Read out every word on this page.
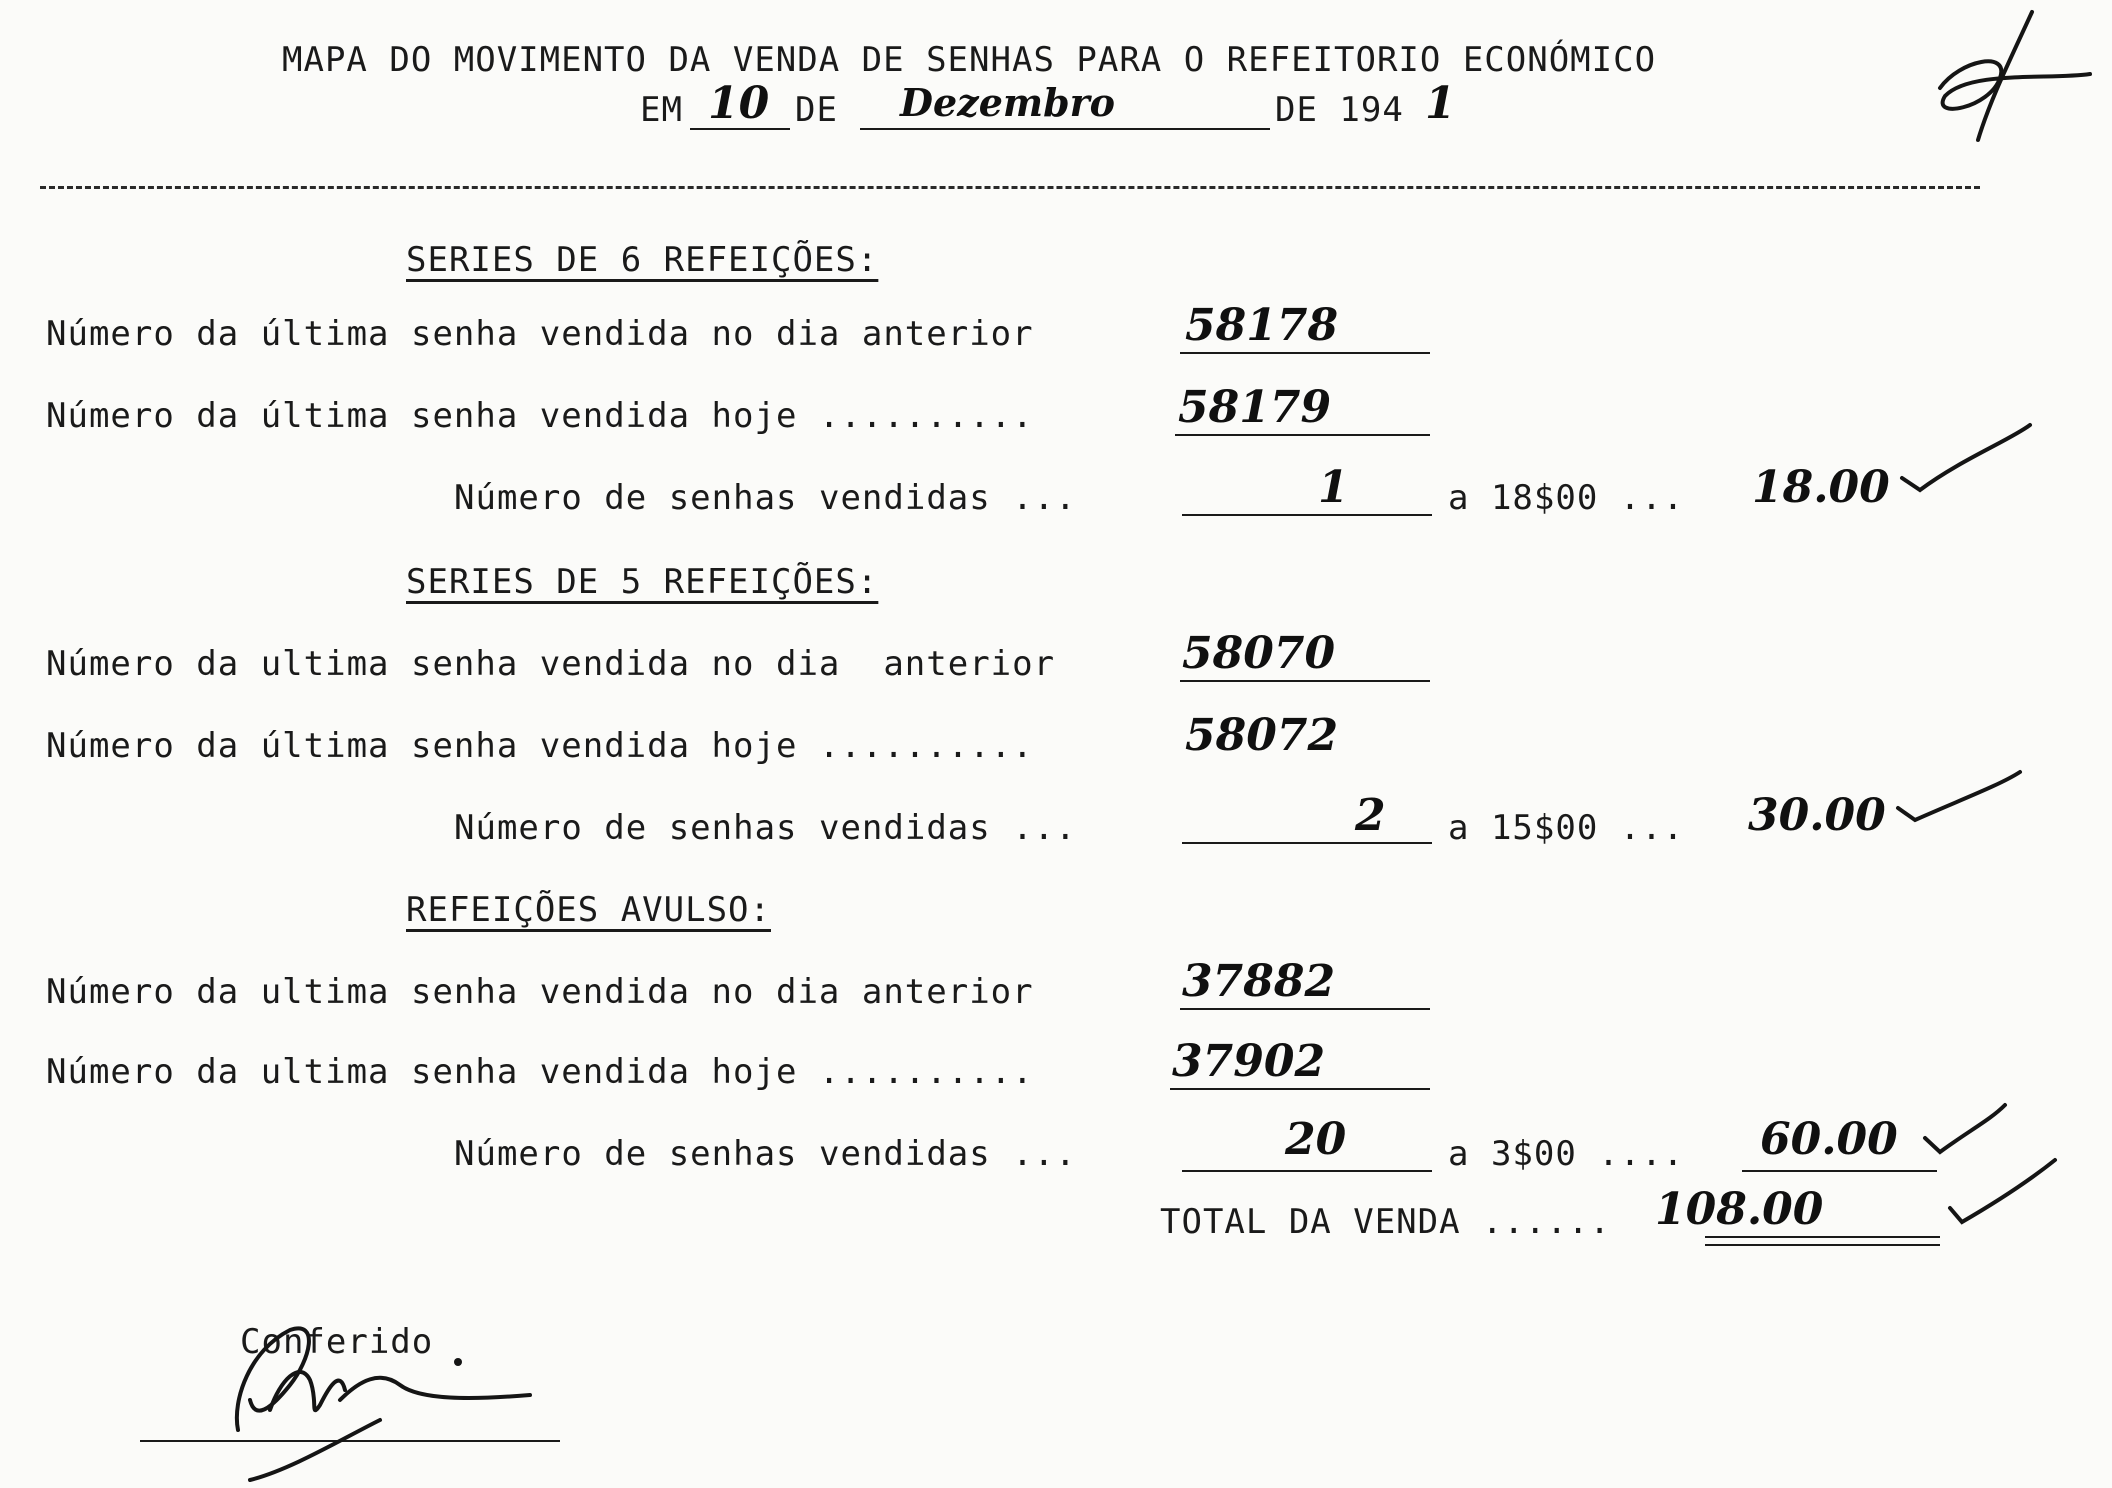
MAPA DO MOVIMENTO DA VENDA DE SENHAS PARA O REFEITORIO ECONÓMICO
EM 10 DE Dezembro	DE 194 1
SERIES DE 6 REFEIÇÕES:
Número da última senha vendida no dia anterior	58178
Número da última senha vendida hoje ..........	58179
Número de senhas vendidas ...	1	a 18$00 ... 18.00
SERIES DE 5 REFEIÇÕES:
Número da ultima senha vendida no dia  anterior	58070
Número da última senha vendida hoje ..........	58072
Número de senhas vendidas ...	2 a 15$00 ... 30.00
REFEIÇÕES AVULSO:
Número da ultima senha vendida no dia anterior	37882
Número da ultima senha vendida hoje ..........	37902
Número de senhas vendidas ...	20	a 3$00 .... 60.00
TOTAL DA VENDA ...... 108.00
Conferido
